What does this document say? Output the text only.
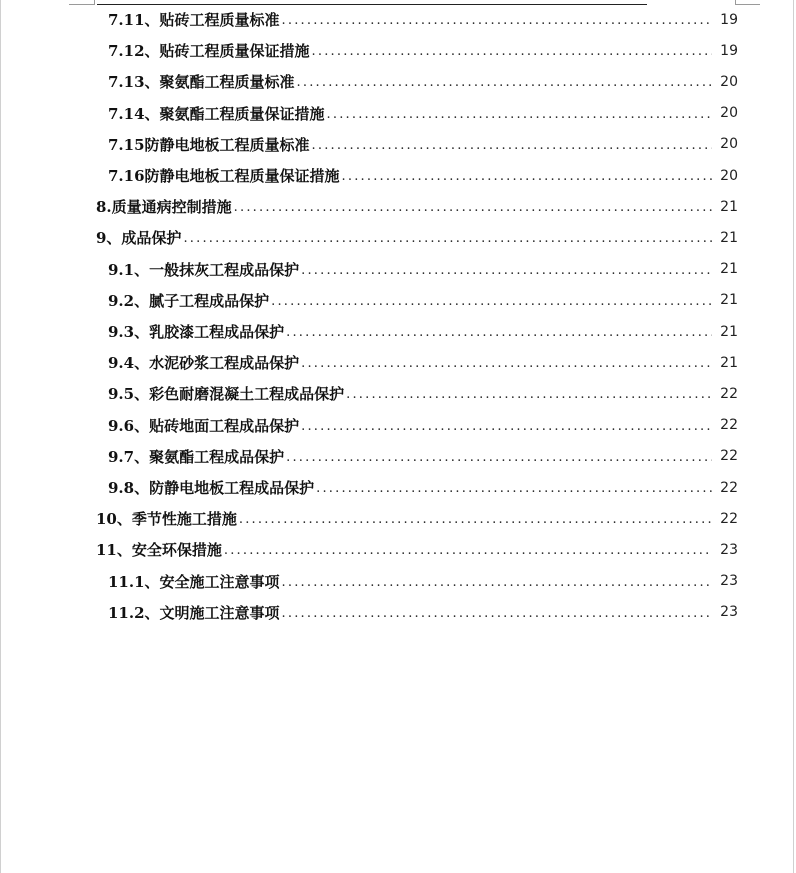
7.11、贴砖工程质量标准 .....	19
7.12、贴砖工程质量保证措施 .....	19
7.13、聚氨酯工程质量标准 .....	20
7.14、聚氨酯工程质量保证措施 .....	20
7.15防静电地板工程质量标准 .....	20
7.16防静电地板工程质量保证措施 .....	20
8.质量通病控制措施 .....	21
9、成品保护 .....	21
9.1、一般抹灰工程成品保护 .....	21
9.2、腻子工程成品保护 .....	21
9.3、乳胶漆工程成品保护 .....	21
9.4、水泥砂浆工程成品保护 .....	21
9.5、彩色耐磨混凝土工程成品保护 .....	22
9.6、贴砖地面工程成品保护 .....	22
9.7、聚氨酯工程成品保护 .....	22
9.8、防静电地板工程成品保护 .....	22
10、季节性施工措施 .....	22
11、安全环保措施 .....	23
11.1、安全施工注意事项 .....	23
11.2、文明施工注意事项 .....	23
